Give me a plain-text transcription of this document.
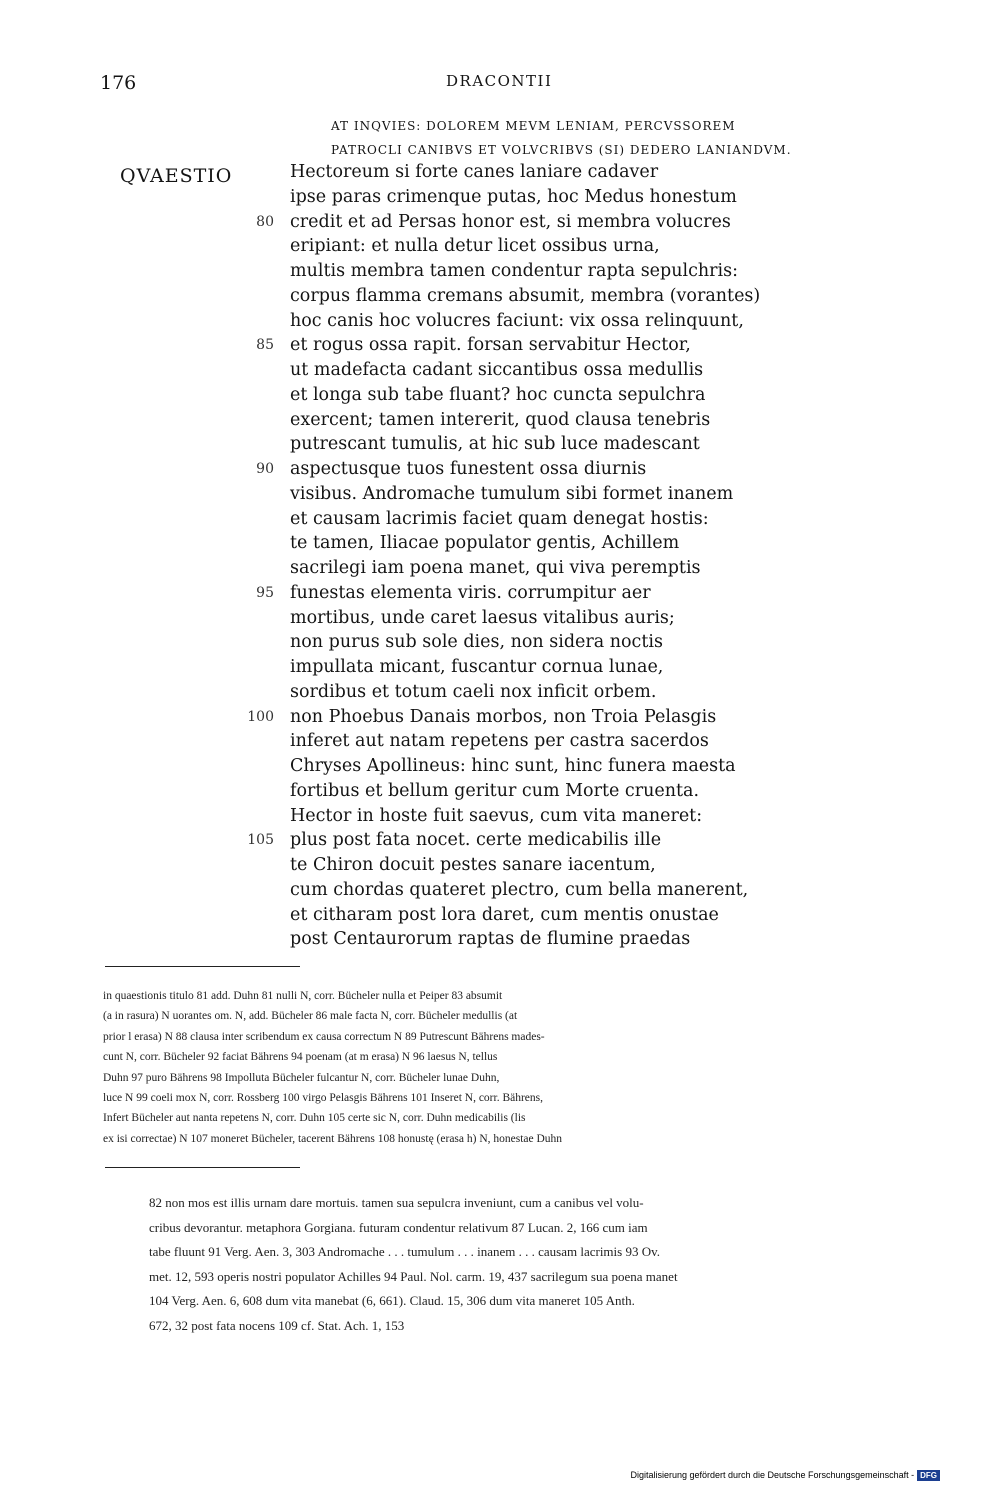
176	DRACONTII
AT INQVIES: DOLOREM MEVM LENIAM, PERCVSSOREM
PATROCLI CANIBVS ET VOLVCRIBVS (SI) DEDERO LANIANDVM.
QVAESTIO	Hectoreum si forte canes laniare cadaver
ipse paras crimenque putas, hoc Medus honestum
80 credit et ad Persas honor est, si membra volucres
eripiant: et nulla detur licet ossibus urna,
multis membra tamen condentur rapta sepulchris:
corpus flamma cremans absumit, membra (vorantes)
hoc canis hoc volucres faciunt: vix ossa relinquunt,
85 et rogus ossa rapit. forsan servabitur Hector,
ut madefacta cadant siccantibus ossa medullis
et longa sub tabe fluant? hoc cuncta sepulchra
exercent; tamen intererit, quod clausa tenebris
putrescant tumulis, at hic sub luce madescant
90 aspectusque tuos funestent ossa diurnis
visibus. Andromache tumulum sibi formet inanem
et causam lacrimis faciet quam denegat hostis:
te tamen, Iliacae populator gentis, Achillem
sacrilegi iam poena manet, qui viva peremptis
95 funestas elementa viris. corrumpitur aer
mortibus, unde caret laesus vitalibus auris;
non purus sub sole dies, non sidera noctis
impullata micant, fuscantur cornua lunae,
sordibus et totum caeli nox inficit orbem.
100 non Phoebus Danais morbos, non Troia Pelasgis
inferet aut natam repetens per castra sacerdos
Chryses Apollineus: hinc sunt, hinc funera maesta
fortibus et bellum geritur cum Morte cruenta.
Hector in hoste fuit saevus, cum vita maneret:
105 plus post fata nocet. certe medicabilis ille
te Chiron docuit pestes sanare iacentum,
cum chordas quateret plectro, cum bella manerent,
et citharam post lora daret, cum mentis onustae
post Centaurorum raptas de flumine praedas

in quaestionis titulo 81 add. Duhn 81 nulli N, corr. Bücheler nulla et Peiper 83 absumit

(a in rasura) N uorantes om. N, add. Bücheler 86 male facta N, corr. Bücheler medullis (at

prior l erasa) N 88 clausa inter scribendum ex causa correctum N 89 Putrescunt Bährens mades-

cunt N, corr. Bücheler 92 faciat Bährens 94 poenam (at m erasa) N 96 laesus N, tellus

Duhn 97 puro Bährens 98 Impolluta Bücheler fulcantur N, corr. Bücheler lunae Duhn,

luce N 99 coeli mox N, corr. Rossberg 100 virgo Pelasgis Bährens 101 Inseret N, corr. Bährens,

Infert Bücheler aut nanta repetens N, corr. Duhn 105 certe sic N, corr. Duhn medicabilis (lis

ex isi correctae) N 107 moneret Bücheler, tacerent Bährens 108 honustę (erasa h) N, honestae Duhn

82 non mos est illis urnam dare mortuis. tamen sua sepulcra inveniunt, cum a canibus vel volu-

cribus devorantur. metaphora Gorgiana. futuram condentur relativum 87 Lucan. 2, 166 cum iam

tabe fluunt 91 Verg. Aen. 3, 303 Andromache . . . tumulum . . . inanem . . . causam lacrimis 93 Ov.

met. 12, 593 operis nostri populator Achilles 94 Paul. Nol. carm. 19, 437 sacrilegum sua poena manet

104 Verg. Aen. 6, 608 dum vita manebat (6, 661). Claud. 15, 306 dum vita maneret 105 Anth.

672, 32 post fata nocens 109 cf. Stat. Ach. 1, 153

Digitalisierung gefördert durch die Deutsche Forschungsgemeinschaft - DFG
